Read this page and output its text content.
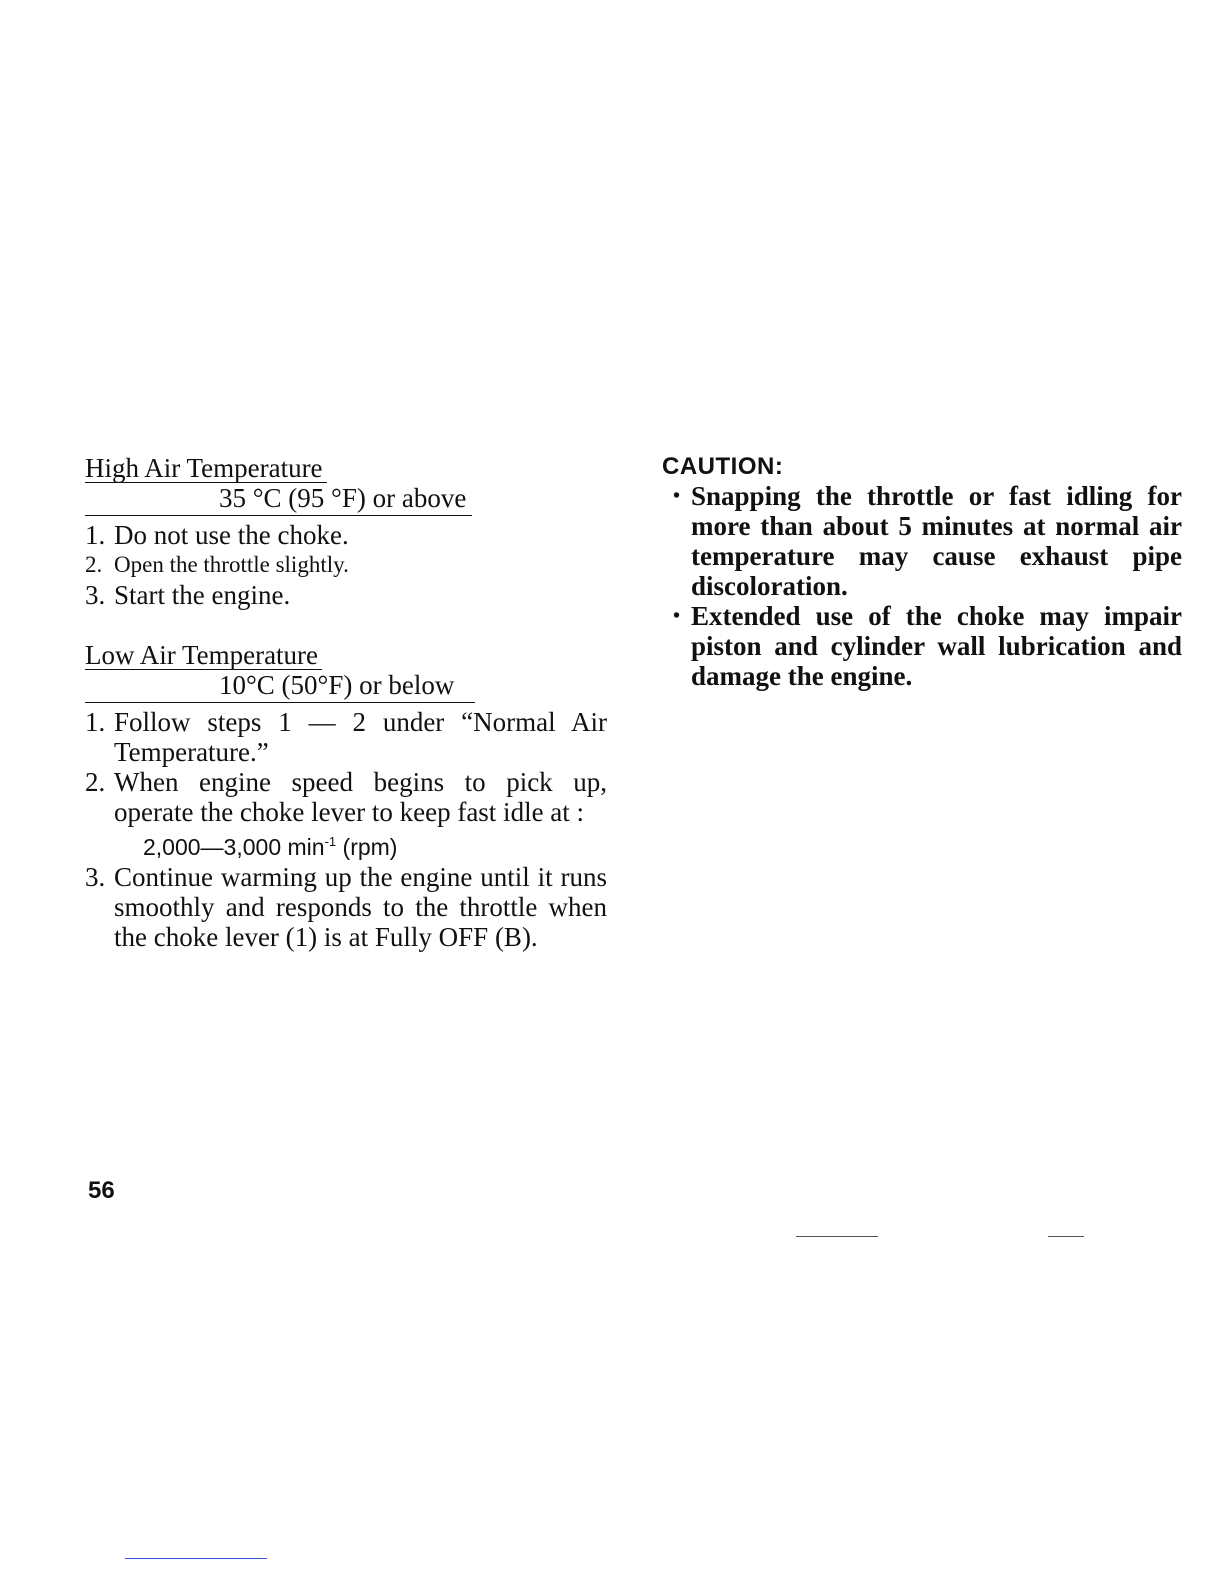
High Air Temperature
35 °C (95 °F) or above
1. Do not use the choke.
2. Open the throttle slightly.
3. Start the engine.
Low Air Temperature
10°C (50°F) or below
1. Follow steps 1 — 2 under “Normal Air Temperature.”
2. When engine speed begins to pick up, operate the choke lever to keep fast idle at :
2,000—3,000 $\min^{-1} (rpm)$
3. Continue warming up the engine until it runs smoothly and responds to the throttle when the choke lever (1) is at Fully OFF (B).
CAUTION:
• Snapping the throttle or fast idling for more than about 5 minutes at normal air temperature may cause exhaust pipe discoloration.
• Extended use of the choke may impair piston and cylinder wall lubrication and damage the engine.
56
